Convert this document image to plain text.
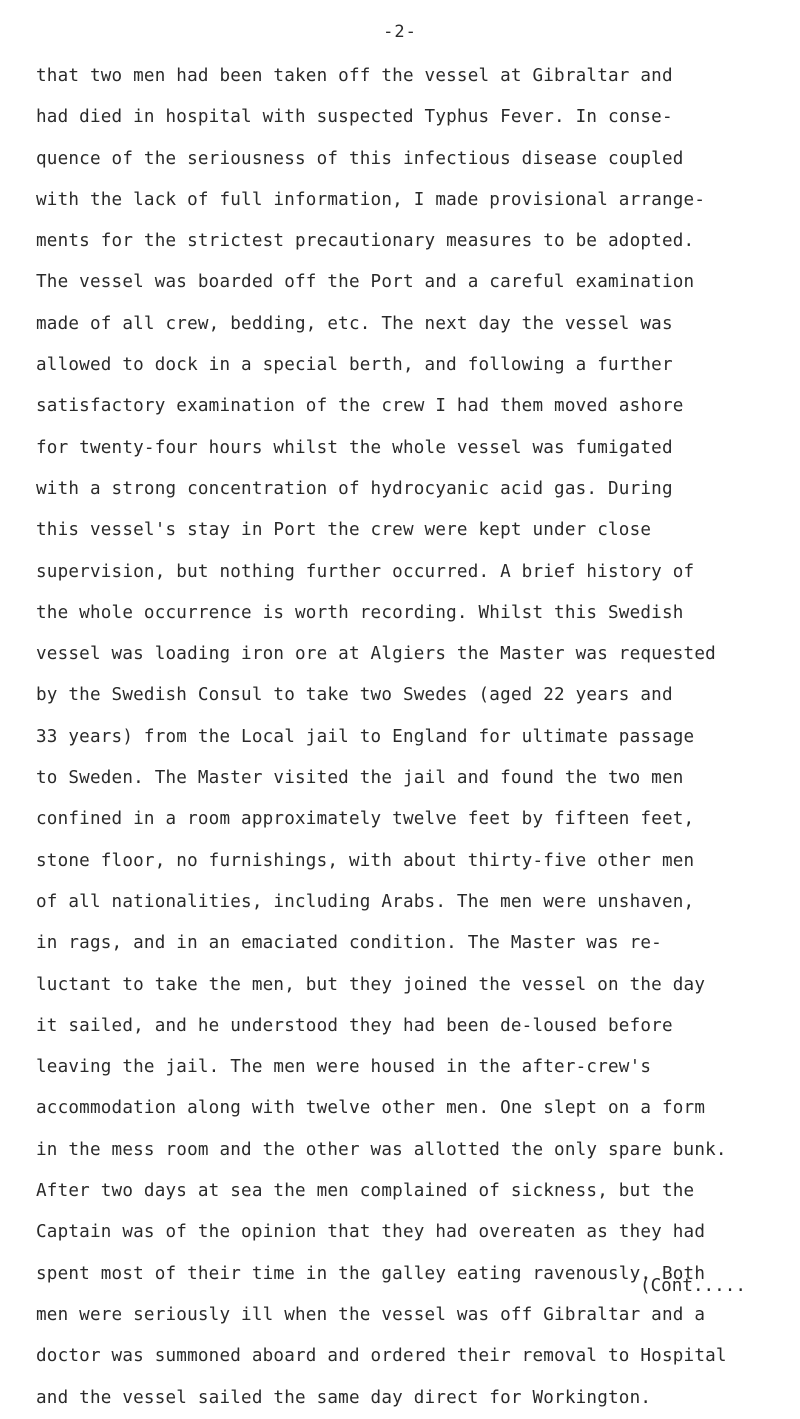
-2-
that two men had been taken off the vessel at Gibraltar and
had died in hospital with suspected Typhus Fever. In conse-
quence of the seriousness of this infectious disease coupled
with the lack of full information, I made provisional arrange-
ments for the strictest precautionary measures to be adopted.
The vessel was boarded off the Port and a careful examination
made of all crew, bedding, etc. The next day the vessel was
allowed to dock in a special berth, and following a further
satisfactory examination of the crew I had them moved ashore
for twenty-four hours whilst the whole vessel was fumigated
with a strong concentration of hydrocyanic acid gas. During
this vessel's stay in Port the crew were kept under close
supervision, but nothing further occurred. A brief history of
the whole occurrence is worth recording. Whilst this Swedish
vessel was loading iron ore at Algiers the Master was requested
by the Swedish Consul to take two Swedes (aged 22 years and
33 years) from the Local jail to England for ultimate passage
to Sweden. The Master visited the jail and found the two men
confined in a room approximately twelve feet by fifteen feet,
stone floor, no furnishings, with about thirty-five other men
of all nationalities, including Arabs. The men were unshaven,
in rags, and in an emaciated condition. The Master was re-
luctant to take the men, but they joined the vessel on the day
it sailed, and he understood they had been de-loused before
leaving the jail. The men were housed in the after-crew's
accommodation along with twelve other men. One slept on a form
in the mess room and the other was allotted the only spare bunk.
After two days at sea the men complained of sickness, but the
Captain was of the opinion that they had overeaten as they had
spent most of their time in the galley eating ravenously. Both
men were seriously ill when the vessel was off Gibraltar and a
doctor was summoned aboard and ordered their removal to Hospital
and the vessel sailed the same day direct for Workington.
(Cont.....
